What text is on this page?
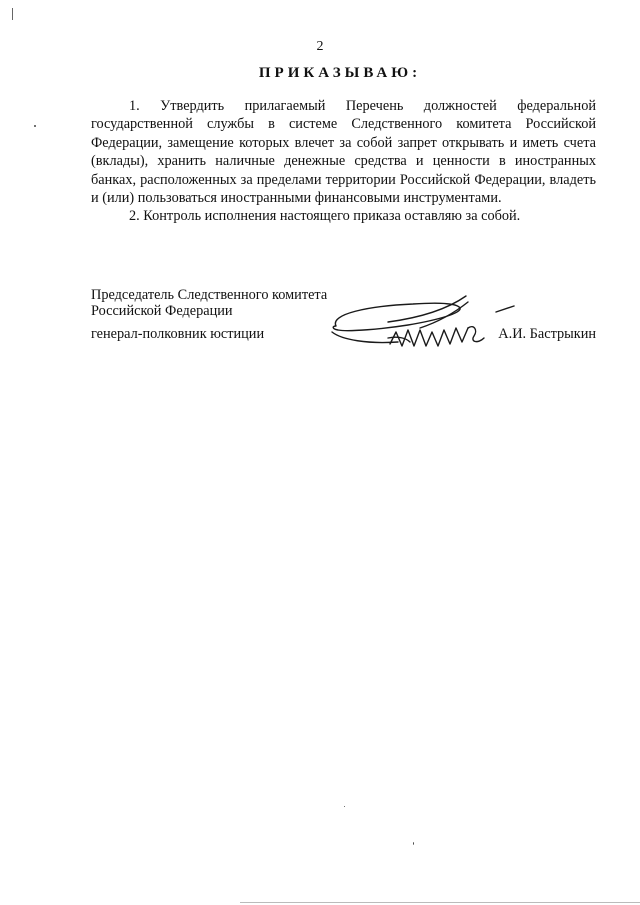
2
ПРИКАЗЫВАЮ:

1. Утвердить прилагаемый Перечень должностей федеральной государственной службы в системе Следственного комитета Российской Федерации, замещение которых влечет за собой запрет открывать и иметь счета (вклады), хранить наличные денежные средства и ценности в иностранных банках, расположенных за пределами территории Российской Федерации, владеть и (или) пользоваться иностранными финансовыми инструментами.

2. Контроль исполнения настоящего приказа оставляю за собой.

Председатель Следственного комитета
Российской Федерации
генерал-полковник юстиции	А.И. Бастрыкин
